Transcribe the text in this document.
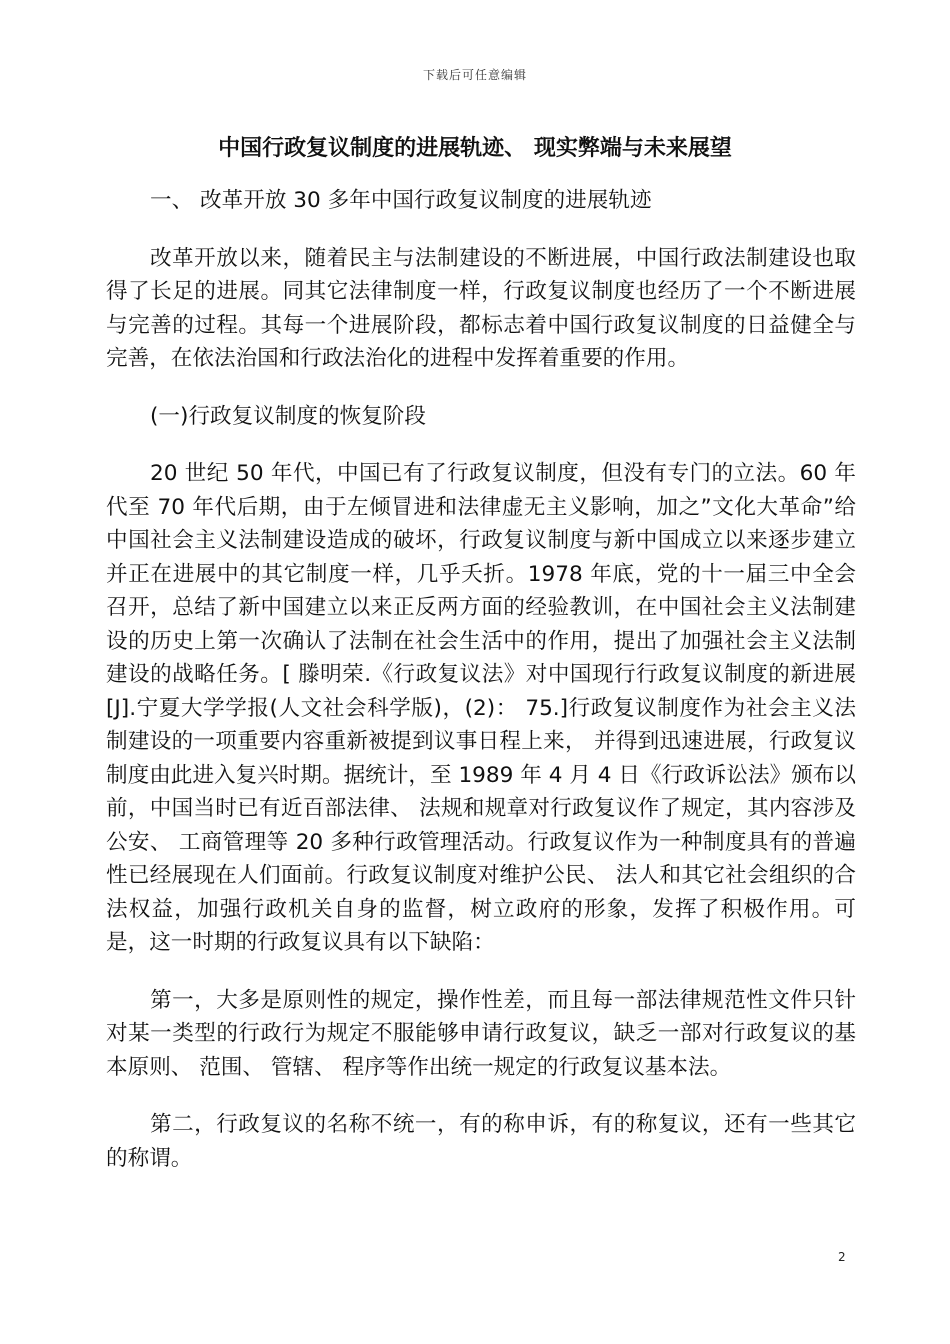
下载后可任意编辑
中国行政复议制度的进展轨迹、 现实弊端与未来展望

一、 改革开放 30 多年中国行政复议制度的进展轨迹

改革开放以来，随着民主与法制建设的不断进展，中国行政法制建设也取得了长足的进展。同其它法律制度一样，行政复议制度也经历了一个不断进展与完善的过程。其每一个进展阶段，都标志着中国行政复议制度的日益健全与完善，在依法治国和行政法治化的进程中发挥着重要的作用。

(一)行政复议制度的恢复阶段

20 世纪 50 年代，中国已有了行政复议制度，但没有专门的立法。60 年代至 70 年代后期，由于左倾冒进和法律虚无主义影响，加之”文化大革命”给中国社会主义法制建设造成的破坏，行政复议制度与新中国成立以来逐步建立并正在进展中的其它制度一样，几乎夭折。1978 年底，党的十一届三中全会召开，总结了新中国建立以来正反两方面的经验教训，在中国社会主义法制建设的历史上第一次确认了法制在社会生活中的作用，提出了加强社会主义法制建设的战略任务。[ 滕明荣.《行政复议法》对中国现行行政复议制度的新进展[J].宁夏大学学报(人文社会科学版)，(2)： 75.]行政复议制度作为社会主义法制建设的一项重要内容重新被提到议事日程上来， 并得到迅速进展，行政复议制度由此进入复兴时期。据统计，至 1989 年 4 月 4 日《行政诉讼法》颁布以前，中国当时已有近百部法律、 法规和规章对行政复议作了规定，其内容涉及公安、 工商管理等 20 多种行政管理活动。行政复议作为一种制度具有的普遍性已经展现在人们面前。行政复议制度对维护公民、 法人和其它社会组织的合法权益，加强行政机关自身的监督，树立政府的形象，发挥了积极作用。可是，这一时期的行政复议具有以下缺陷：

第一，大多是原则性的规定，操作性差，而且每一部法律规范性文件只针对某一类型的行政行为规定不服能够申请行政复议，缺乏一部对行政复议的基本原则、 范围、 管辖、 程序等作出统一规定的行政复议基本法。

第二，行政复议的名称不统一，有的称申诉，有的称复议，还有一些其它的称谓。

2
